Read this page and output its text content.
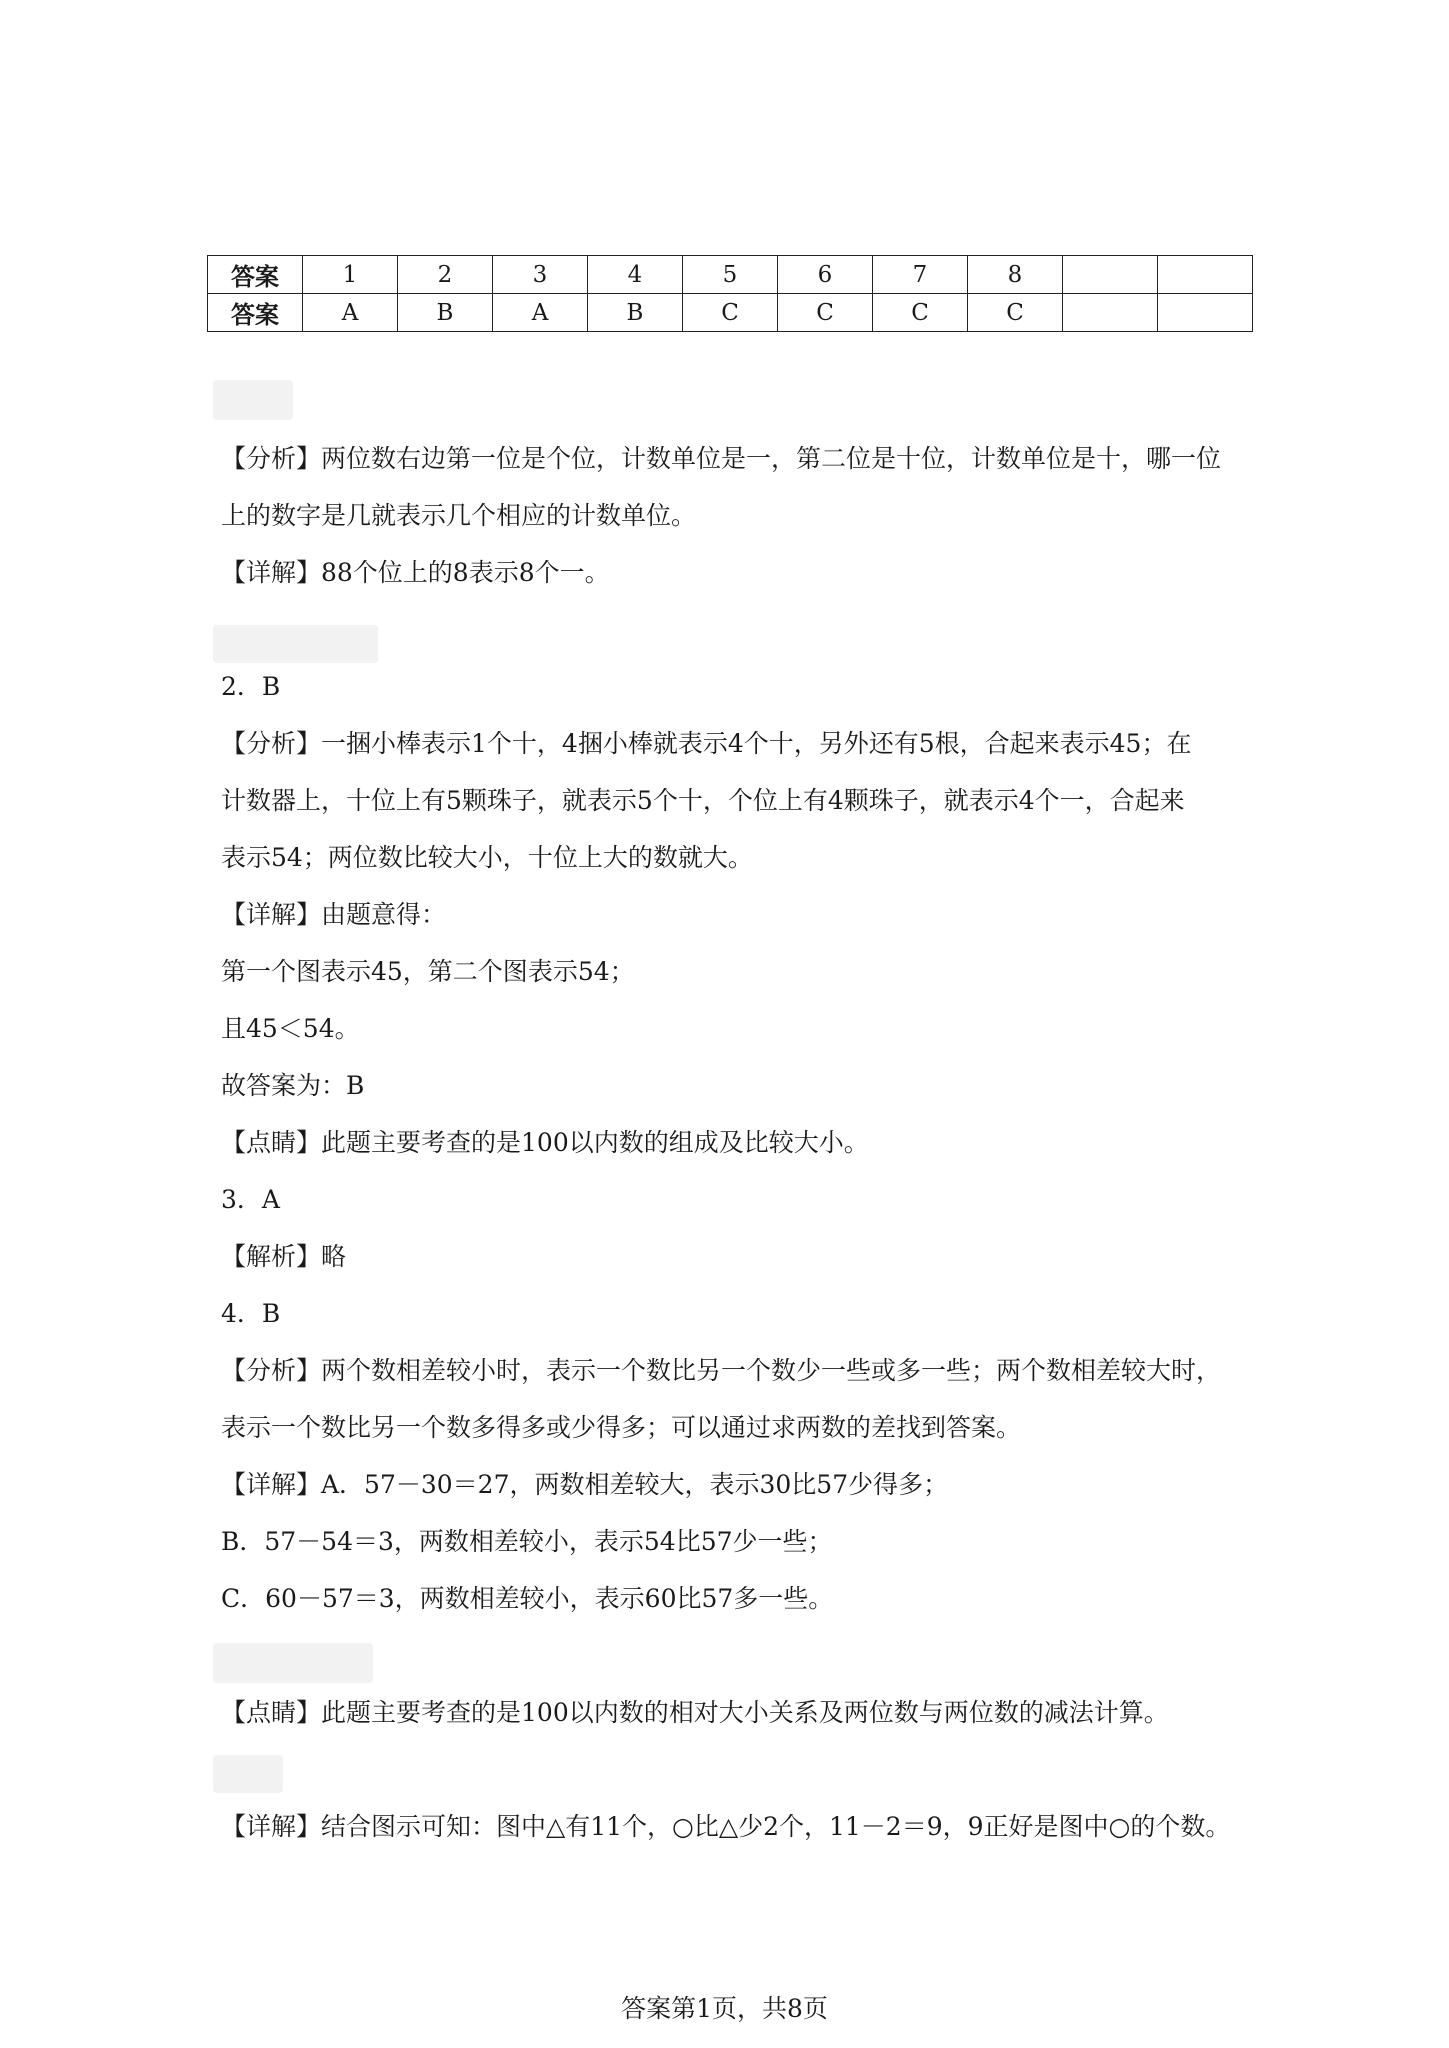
答案	1	2	3	4	5	6	7	8		
答案	A	B	A	B	C	C	C	C		

【分析】两位数右边第一位是个位，计数单位是一，第二位是十位，计数单位是十，哪一位

上的数字是几就表示几个相应的计数单位。

【详解】88个位上的8表示8个一。

2．B

【分析】一捆小棒表示1个十，4捆小棒就表示4个十，另外还有5根，合起来表示45；在

计数器上，十位上有5颗珠子，就表示5个十，个位上有4颗珠子，就表示4个一，合起来

表示54；两位数比较大小，十位上大的数就大。

【详解】由题意得：

第一个图表示45，第二个图表示54；

且45＜54。

故答案为：B

【点睛】此题主要考查的是100以内数的组成及比较大小。

3．A

【解析】略

4．B

【分析】两个数相差较小时，表示一个数比另一个数少一些或多一些；两个数相差较大时，

表示一个数比另一个数多得多或少得多；可以通过求两数的差找到答案。

【详解】A．57－30＝27，两数相差较大，表示30比57少得多；

B．57－54＝3，两数相差较小，表示54比57少一些；

C．60－57＝3，两数相差较小，表示60比57多一些。

【点睛】此题主要考查的是100以内数的相对大小关系及两位数与两位数的减法计算。

【详解】结合图示可知：图中△有11个，○比△少2个，11－2＝9，9正好是图中○的个数。

答案第1页，共8页
